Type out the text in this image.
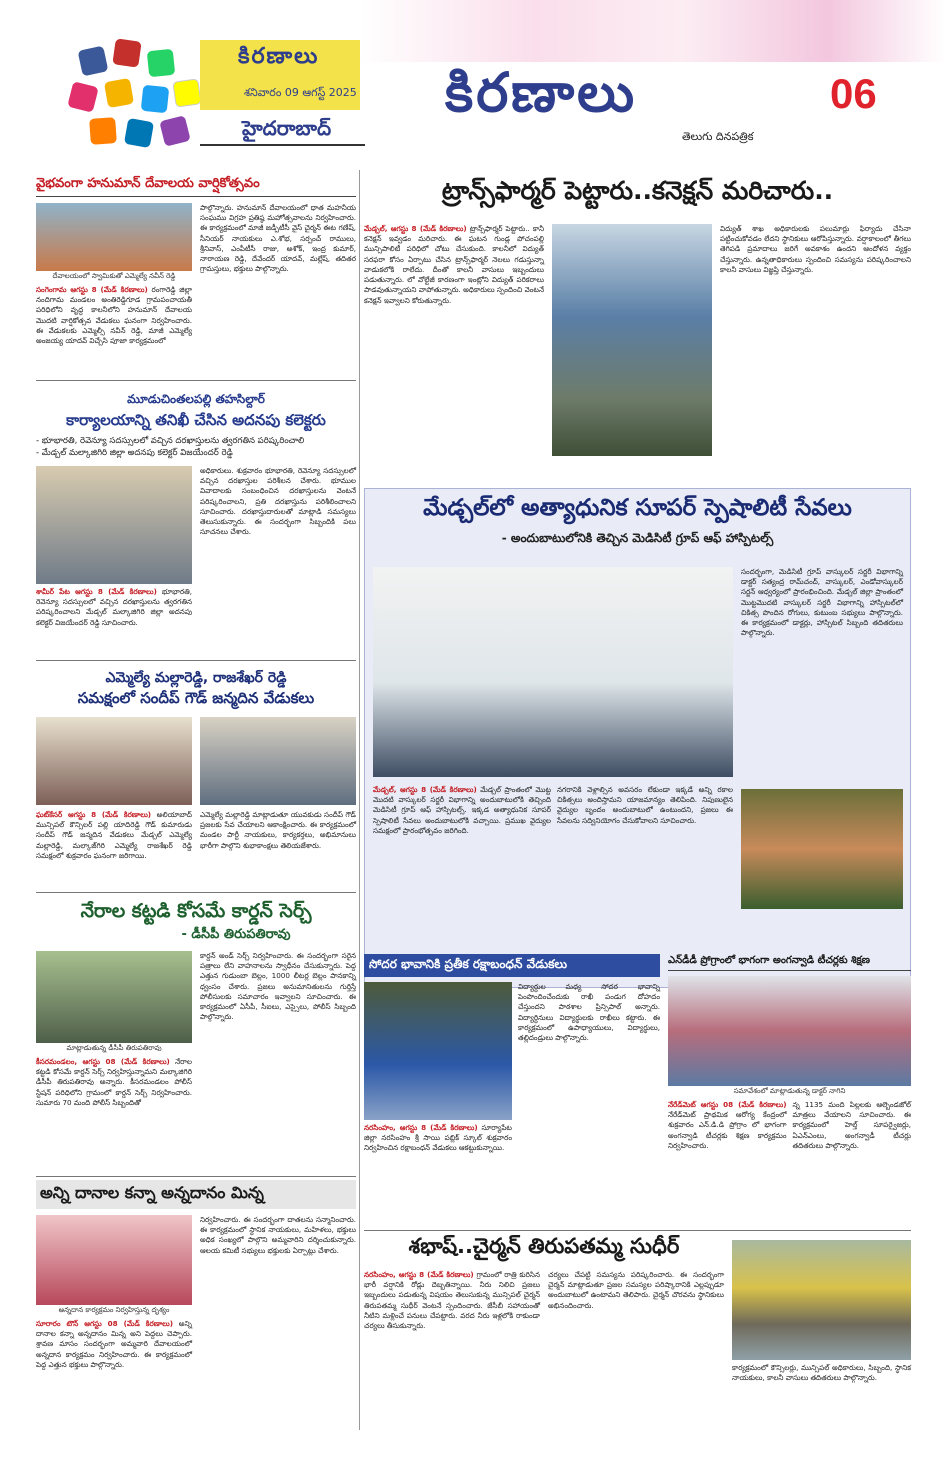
కిరణాలు
శనివారం 09 ఆగస్ట్ 2025
హైదరాబాద్
కిరణాలు
తెలుగు దినపత్రిక
06
వైభవంగా హనుమాన్ దేవాలయ వార్షికోత్సవం
దేవాలయంలో స్వామికుతో ఎమ్మెల్యే నవీన్ రెడ్డి
సంగెంగామ ఆగస్టు 8 (మేడ్ కిరణాలు) రంగారెడ్డి జిల్లా నందిగామ మండలం అంతిరెడ్డిగూడ గ్రామపంచాయతీ పరిధిలోని వృద్ధ కాలనీలోని హనుమాన్ దేవాలయ మొదటి వార్షికోత్సవ వేడుకలు ఘనంగా నిర్వహించారు. ఈ వేడుకలకు ఎమ్మెల్సీ నవీన్ రెడ్డి, మాజీ ఎమ్మెల్యే అంజయ్య యాదవ్ విచ్చేసి పూజా కార్యక్రమంలో
పాల్గొన్నారు. హనుమాన్ దేవాలయంలో ధాత మహనీయ సంఘము విగ్రహ ప్రతిష్ఠ మహోత్సవాలను నిర్వహించారు. ఈ కార్యక్రమంలో మాజీ జడ్పీటీసీ వైస్ చైర్మన్ ఈట గణేష్, సీనియర్ నాయకులు ఎ.శోభ, సర్పంచ్ రాములు, శ్రీనివాస్, ఎంపీటీసీ రాజు, అశోక్, ఇంద్ర కుమార్, నారాయణ రెడ్డి, దేవేందర్ యాదవ్, మల్లేష్, తదితర గ్రామస్తులు, భక్తులు పాల్గొన్నారు.
మూడుచింతలపల్లి తహసిల్దార్
కార్యాలయాన్ని తనిఖీ చేసిన అదనపు కలెక్టరు
- భూభారతి, రెవెన్యూ సదస్సులలో వచ్చిన దరఖాస్తులను త్వరగతిన పరిష్కరించాలి
- మేడ్చల్ మల్కాజిగిరి జిల్లా అదనపు కలెక్టర్ విజయేందర్ రెడ్డి
శామీర్ పేట ఆగస్టు 8 (మేడ్ కిరణాలు) భూభారతి, రెవెన్యూ సదస్సులలో వచ్చిన దరఖాస్తులను త్వరగతిన పరిష్కరించాలని మేడ్చల్ మల్కాజిగిరి జిల్లా అదనపు కలెక్టర్ విజయేందర్ రెడ్డి సూచించారు.
అధికారులు. శుక్రవారం భూభారతి, రెవెన్యూ సదస్సులలో వచ్చిన దరఖాస్తుల పరిశీలన చేశారు. భూముల వివాదాలకు సంబంధించిన దరఖాస్తులను వెంటనే పరిష్కరించాలని, ప్రతి దరఖాస్తును పరిశీలించాలని సూచించారు. దరఖాస్తుదారులతో మాట్లాడి సమస్యలు తెలుసుకున్నారు. ఈ సందర్భంగా సిబ్బందికి పలు సూచనలు చేశారు.
ఎమ్మెల్యే మల్లారెడ్డి, రాజశేఖర్ రెడ్డి
సమక్షంలో సందీప్ గౌడ్ జన్మదిన వేడుకలు
ఘట్‌కేసర్ ఆగస్టు 8 (మేడ్ కిరణాలు) అలియాబాద్ మున్సిపల్ కౌన్సిలర్ పల్లి యాదిరెడ్డి గౌడ్ కుమారుడు సందీప్ గౌడ్ జన్మదిన వేడుకలు మేడ్చల్ ఎమ్మెల్యే మల్లారెడ్డి, మల్కాజ్‌గిరి ఎమ్మెల్యే రాజశేఖర్ రెడ్డి సమక్షంలో శుక్రవారం ఘనంగా జరిగాయి.
ఎమ్మెల్యే మల్లారెడ్డి మాట్లాడుతూ యువకుడు సందీప్ గౌడ్ ప్రజలకు సేవ చేయాలని ఆకాంక్షించారు. ఈ కార్యక్రమంలో మండల పార్టీ నాయకులు, కార్యకర్తలు, అభిమానులు భారీగా పాల్గొని శుభాకాంక్షలు తెలియజేశారు.
నేరాల కట్టడి కోసమే కార్డన్ సెర్చ్
- డీసీపీ తిరుపతిరావు
మాట్లాడుతున్న డీసీపీ తిరుపతిరావు
కీసరమండలం, ఆగస్టు 08 (మేడ్ కిరణాలు) నేరాల కట్టడి కోసమే కార్డన్ సెర్చ్ నిర్వహిస్తున్నామని మల్కాజిగిరి డీసీపీ తిరుపతిరావు అన్నారు. కీసరమండలం పోలీస్ స్టేషన్ పరిధిలోని గ్రామంలో కార్డన్ సెర్చ్ నిర్వహించారు. సుమారు 70 మంది పోలీస్ సిబ్బందితో
కార్డన్ అండ్ సెర్చ్ నిర్వహించారు. ఈ సందర్భంగా సరైన పత్రాలు లేని వాహనాలను స్వాధీనం చేసుకున్నారు. పెద్ద ఎత్తున గుడుంబా బెల్లం, 1000 లీటర్ల బెల్లం పానకాన్ని ధ్వంసం చేశారు. ప్రజలు అనుమానితులను గుర్తిస్తే పోలీసులకు సమాచారం ఇవ్వాలని సూచించారు. ఈ కార్యక్రమంలో ఏసీపీ, సీఐలు, ఎస్సైలు, పోలీస్ సిబ్బంది పాల్గొన్నారు.
అన్ని దానాల కన్నా అన్నదానం మిన్న
అన్నదాన కార్యక్రమం నిర్వహిస్తున్న దృశ్యం
సూరారం టౌన్ ఆగస్టు 08 (మేడ్ కిరణాలు) అన్ని దానాల కన్నా అన్నదానం మిన్న అని పెద్దలు చెప్పారు. శ్రావణ మాసం సందర్భంగా అమ్మవారి దేవాలయంలో అన్నదాన కార్యక్రమం నిర్వహించారు. ఈ కార్యక్రమంలో పెద్ద ఎత్తున భక్తులు పాల్గొన్నారు.
నిర్వహించారు. ఈ సందర్భంగా దాతలను సన్మానించారు. ఈ కార్యక్రమంలో స్థానిక నాయకులు, మహిళలు, భక్తులు అధిక సంఖ్యలో పాల్గొని అమ్మవారిని దర్శించుకున్నారు. ఆలయ కమిటీ సభ్యులు భక్తులకు ఏర్పాట్లు చేశారు.
ట్రాన్స్‌ఫార్మర్ పెట్టారు..కనెక్షన్ మరిచారు..
మేడ్చల్, ఆగస్టు 8 (మేడ్ కిరణాలు) ట్రాన్స్‌ఫార్మర్ పెట్టారు.. కానీ కనెక్షన్ ఇవ్వడం మరిచారు. ఈ ఘటన గుండ్ల పోచంపల్లి మున్సిపాలిటీ పరిధిలో చోటు చేసుకుంది. కాలనీలో విద్యుత్ సరఫరా కోసం ఏర్పాటు చేసిన ట్రాన్స్‌ఫార్మర్ నెలలు గడుస్తున్నా వాడుకలోకి రాలేదు. దీంతో కాలనీ వాసులు ఇబ్బందులు పడుతున్నారు. లో వోల్టేజీ కారణంగా ఇంట్లోని విద్యుత్ పరికరాలు పాడవుతున్నాయని వాపోతున్నారు. అధికారులు స్పందించి వెంటనే కనెక్షన్ ఇవ్వాలని కోరుతున్నారు.
విద్యుత్ శాఖ అధికారులకు పలుమార్లు ఫిర్యాదు చేసినా పట్టించుకోవడం లేదని స్థానికులు ఆరోపిస్తున్నారు. వర్షాకాలంలో తీగలు తెగిపడి ప్రమాదాలు జరిగే అవకాశం ఉందని ఆందోళన వ్యక్తం చేస్తున్నారు. ఉన్నతాధికారులు స్పందించి సమస్యను పరిష్కరించాలని కాలనీ వాసులు విజ్ఞప్తి చేస్తున్నారు.
మేడ్చల్‌లో అత్యాధునిక సూపర్ స్పెషాలిటీ సేవలు
- అందుబాటులోనికి తెచ్చిన మెడిసిటీ గ్రూప్ ఆఫ్ హాస్పిటల్స్
మేడ్చల్, ఆగస్టు 8 (మేడ్ కిరణాలు) మేడ్చల్ ప్రాంతంలో మొట్ట మొదటి వాస్కులర్ సర్జరీ విభాగాన్ని అందుబాటులోకి తెచ్చింది మెడిసిటీ గ్రూప్ ఆఫ్ హాస్పిటల్స్. ఇక్కడ అత్యాధునిక సూపర్ స్పెషాలిటీ సేవలు అందుబాటులోకి వచ్చాయి. ప్రముఖ వైద్యుల సమక్షంలో ప్రారంభోత్సవం జరిగింది.
నగరానికి వెళ్లాల్సిన అవసరం లేకుండా ఇక్కడే అన్ని రకాల చికిత్సలు అందిస్తామని యాజమాన్యం తెలిపింది. నిపుణులైన వైద్యుల బృందం అందుబాటులో ఉంటుందని, ప్రజలు ఈ సేవలను సద్వినియోగం చేసుకోవాలని సూచించారు.
సందర్భంగా, మెడిసిటీ గ్రూప్ వాస్కులర్ సర్జరీ విభాగాన్ని డాక్టర్ సత్యంద్ర రామ్‌చంద్, వాస్కులర్, ఎండోవాస్కులర్ సర్జన్ ఆధ్వర్యంలో ప్రారంభించింది. మేడ్చల్ జిల్లా ప్రాంతంలో మొట్టమొదటి వాస్కులర్ సర్జరీ విభాగాన్ని హాస్పిటల్‌లో చికిత్స పొందిన రోగులు, కుటుంబ సభ్యులు పాల్గొన్నారు. ఈ కార్యక్రమంలో డాక్టర్లు, హాస్పిటల్ సిబ్బంది తదితరులు పాల్గొన్నారు.
సోదర భావానికి ప్రతీక రక్షాబంధన్ వేడుకలు
నరసింహం, ఆగస్టు 8 (మేడ్ కిరణాలు) సూర్యాపేట జిల్లా నరసింహం శ్రీ సాయి పబ్లిక్ స్కూల్ శుక్రవారం నిర్వహించిన రక్షాబంధన్ వేడుకలు ఆకట్టుకున్నాయి.
విద్యార్థుల మధ్య సోదర భావాన్ని పెంపొందించేందుకు రాఖీ పండుగ దోహదం చేస్తుందని పాఠశాల ప్రిన్సిపాల్ అన్నారు. విద్యార్థినులు విద్యార్థులకు రాఖీలు కట్టారు. ఈ కార్యక్రమంలో ఉపాధ్యాయులు, విద్యార్థులు, తల్లిదండ్రులు పాల్గొన్నారు.
ఎన్‌డీడీ ప్రోగ్రాంలో భాగంగా అంగన్వాడి టీచర్లకు శిక్షణ
సమావేశంలో మాట్లాడుతున్న డాక్టర్ నాగిని
నేరేడ్‌మెట్ ఆగస్టు 08 (మేడ్ కిరణాలు) నేరేడ్‌మెట్ ప్రాథమిక ఆరోగ్య కేంద్రంలో శుక్రవారం ఎన్.డి.డి ప్రోగ్రాం లో భాగంగా అంగన్వాడి టీచర్లకు శిక్షణ కార్యక్రమం నిర్వహించారు.
న్న 1135 మంది పిల్లలకు ఆల్బెండజోల్ మాత్రలు వేయాలని సూచించారు. ఈ కార్యక్రమంలో హెల్త్ సూపర్వైజర్లు, ఏఎన్ఎంలు, అంగన్వాడీ టీచర్లు తదితరులు పాల్గొన్నారు.
శభాష్..చైర్మన్ తిరుపతమ్మ సుధీర్
నరసింహం, ఆగస్టు 8 (మేడ్ కిరణాలు) గ్రామంలో రాత్రి కురిసిన భారీ వర్షానికి రోడ్లు దెబ్బతిన్నాయి. నీరు నిలిచి ప్రజలు ఇబ్బందులు పడుతున్న విషయం తెలుసుకున్న మున్సిపల్ చైర్మన్ తిరుపతమ్మ సుధీర్ వెంటనే స్పందించారు. జేసీబీ సహాయంతో నీటిని మళ్లించే పనులు చేపట్టారు. వరద నీరు ఇళ్లలోకి రాకుండా చర్యలు తీసుకున్నారు.
చర్యలు చేపట్టి సమస్యను పరిష్కరించారు. ఈ సందర్భంగా చైర్మన్ మాట్లాడుతూ ప్రజల సమస్యల పరిష్కారానికి ఎల్లప్పుడూ అందుబాటులో ఉంటామని తెలిపారు. చైర్మన్ చొరవను స్థానికులు అభినందించారు.
కార్యక్రమంలో కౌన్సిలర్లు, మున్సిపల్ అధికారులు, సిబ్బంది, స్థానిక నాయకులు, కాలనీ వాసులు తదితరులు పాల్గొన్నారు.
